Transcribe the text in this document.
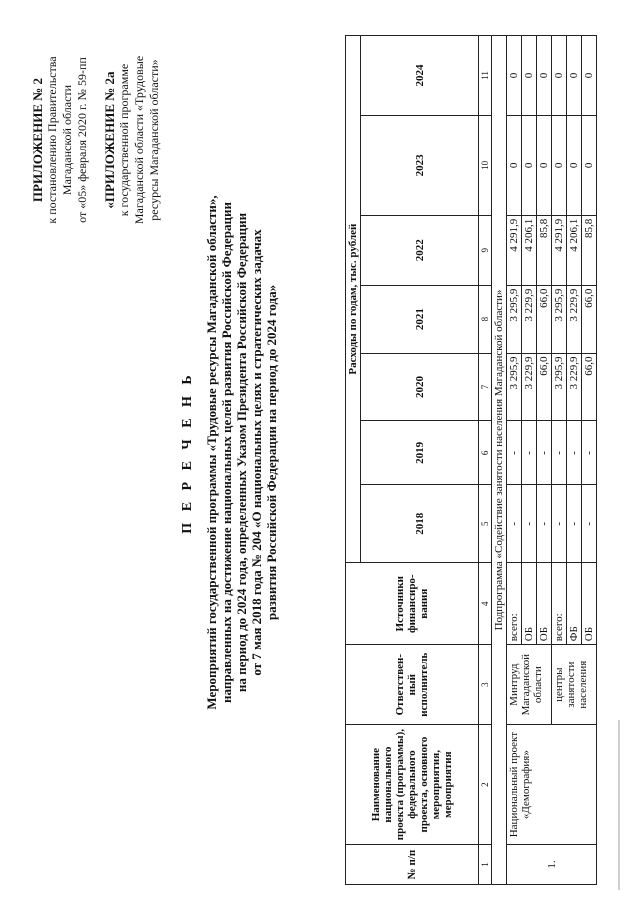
ПРИЛОЖЕНИЕ № 2 к постановлению Правительства Магаданской области от «05» февраля 2020 г. № 59-пп «ПРИЛОЖЕНИЕ № 2а к государственной программе Магаданской области «Трудовые ресурсы Магаданской области»
П Е Р Е Ч Е Н Ь Мероприятий государственной программы «Трудовые ресурсы Магаданской области», направленных на достижение национальных целей развития Российской Федерации на период до 2024 года, определенных Указом Президента Российской Федерации от 7 мая 2018 года № 204 «О национальных целях и стратегических задачах развития Российской Федерации на период до 2024 года»
№ п/п	Наименование национального проекта (программы), федерального проекта, основного мероприятия, мероприятия	Ответствен-ный исполнитель	Источники финансиро-вания	Расходы по годам, тыс. рублей						
				2018	2019	2020	2021	2022	2023	2024
1	2	3	4	5	6	7	8	9	10	11
Подпрограмма «Содействие занятости населения Магаданской области»										
1.	Национальный проект «Демография»	Минтруд Магаданской области	всего:	-	-	3 295,9	3 295,9	4 291,9	0	0
			ОБ	-	-	3 229,9	3 229,9	4 206,1	0	0
			ОБ	-	-	66,0	66,0	85,8	0	0
		центры занятости населения	всего:	-	-	3 295,9	3 295,9	4 291,9	0	0
			ФБ	-	-	3 229,9	3 229,9	4 206,1	0	0
			ОБ	-	-	66,0	66,0	85,8	0	0
